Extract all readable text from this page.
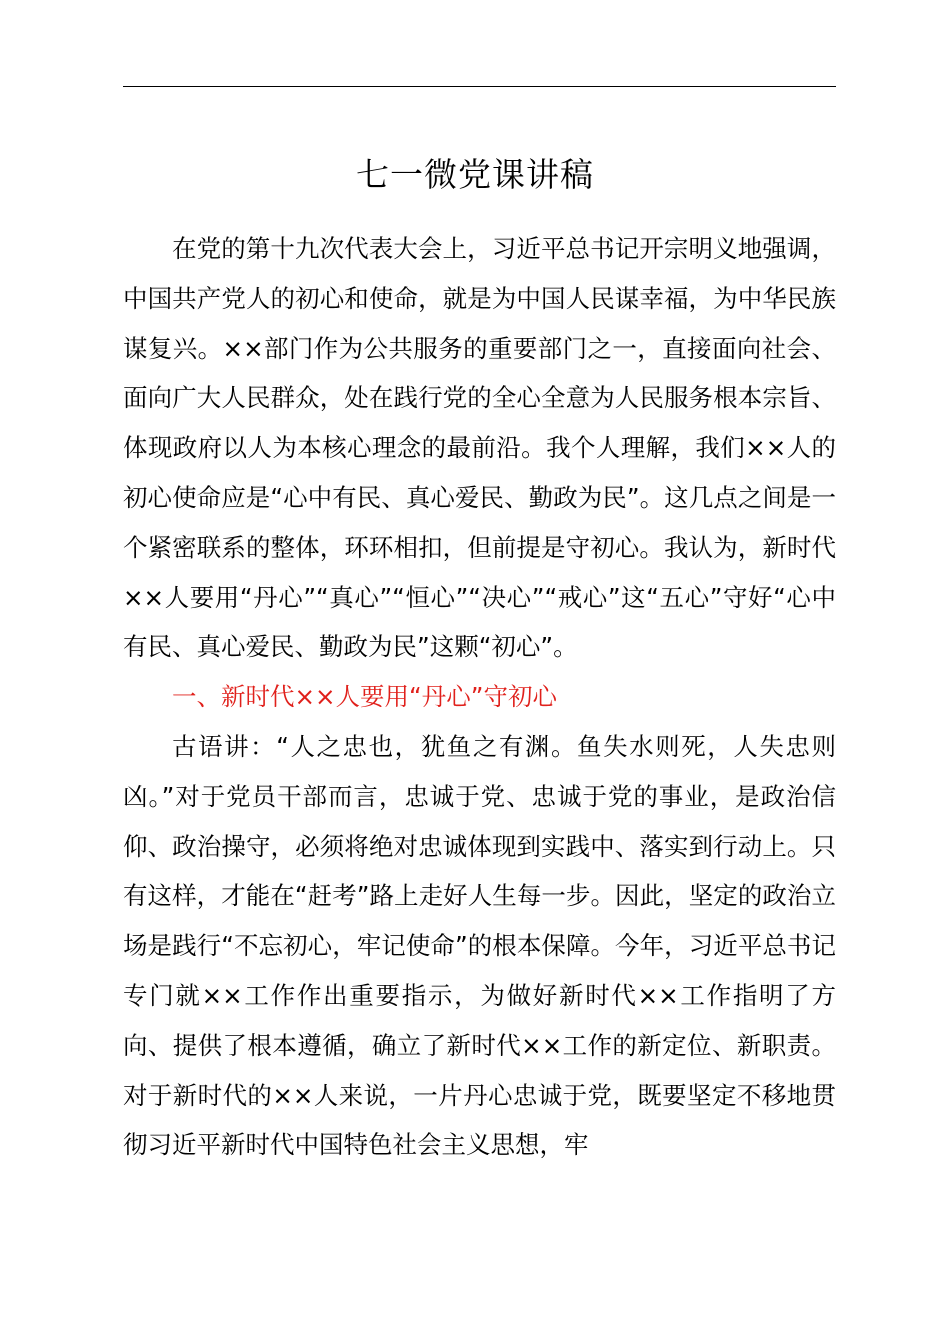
七一微党课讲稿

在党的第十九次代表大会上，习近平总书记开宗明义地强调，中国共产党人的初心和使命，就是为中国人民谋幸福，为中华民族谋复兴。××部门作为公共服务的重要部门之一，直接面向社会、面向广大人民群众，处在践行党的全心全意为人民服务根本宗旨、体现政府以人为本核心理念的最前沿。我个人理解，我们××人的初心使命应是“心中有民、真心爱民、勤政为民”。这几点之间是一个紧密联系的整体，环环相扣，但前提是守初心。我认为，新时代××人要用“丹心”“真心”“恒心”“决心”“戒心”这“五心”守好“心中有民、真心爱民、勤政为民”这颗“初心”。

一、新时代××人要用“丹心”守初心

古语讲：“人之忠也，犹鱼之有渊。鱼失水则死，人失忠则凶。”对于党员干部而言，忠诚于党、忠诚于党的事业，是政治信仰、政治操守，必须将绝对忠诚体现到实践中、落实到行动上。只有这样，才能在“赶考”路上走好人生每一步。因此，坚定的政治立场是践行“不忘初心，牢记使命”的根本保障。今年，习近平总书记专门就××工作作出重要指示，为做好新时代××工作指明了方向、提供了根本遵循，确立了新时代××工作的新定位、新职责。对于新时代的××人来说，一片丹心忠诚于党，既要坚定不移地贯彻习近平新时代中国特色社会主义思想，牢
